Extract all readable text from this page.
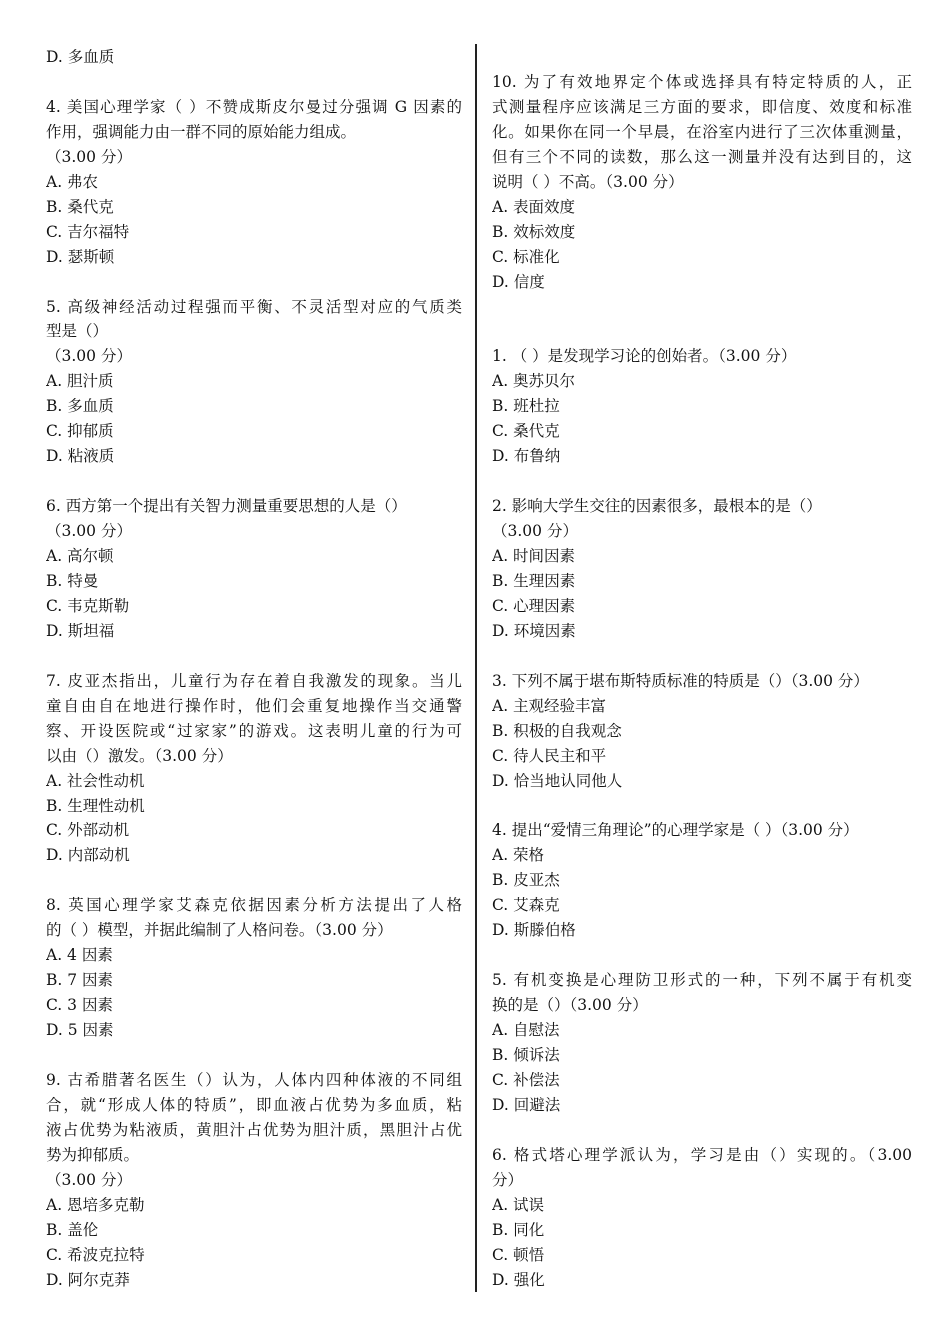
D. 多血质
4. 美国心理学家（ ）不赞成斯皮尔曼过分强调 G 因素的
作用，强调能力由一群不同的原始能力组成。
（3.00 分）
A. 弗农
B. 桑代克
C. 吉尔福特
D. 瑟斯顿
5. 高级神经活动过程强而平衡、不灵活型对应的气质类
型是（）
（3.00 分）
A. 胆汁质
B. 多血质
C. 抑郁质
D. 粘液质
6. 西方第一个提出有关智力测量重要思想的人是（）
（3.00 分）
A. 高尔顿
B. 特曼
C. 韦克斯勒
D. 斯坦福
7. 皮亚杰指出，儿童行为存在着自我激发的现象。当儿
童自由自在地进行操作时，他们会重复地操作当交通警
察、开设医院或“过家家”的游戏。这表明儿童的行为可
以由（）激发。（3.00 分）
A. 社会性动机
B. 生理性动机
C. 外部动机
D. 内部动机
8. 英国心理学家艾森克依据因素分析方法提出了人格
的（ ）模型，并据此编制了人格问卷。（3.00 分）
A. 4 因素
B. 7 因素
C. 3 因素
D. 5 因素
9. 古希腊著名医生（）认为，人体内四种体液的不同组
合，就“形成人体的特质”，即血液占优势为多血质，粘
液占优势为粘液质，黄胆汁占优势为胆汁质，黑胆汁占优
势为抑郁质。
（3.00 分）
A. 恩培多克勒
B. 盖伦
C. 希波克拉特
D. 阿尔克莽
10. 为了有效地界定个体或选择具有特定特质的人，正
式测量程序应该满足三方面的要求，即信度、效度和标准
化。如果你在同一个早晨，在浴室内进行了三次体重测量，
但有三个不同的读数，那么这一测量并没有达到目的，这
说明（ ）不高。（3.00 分）
A. 表面效度
B. 效标效度
C. 标准化
D. 信度
1. （ ）是发现学习论的创始者。（3.00 分）
A. 奥苏贝尔
B. 班杜拉
C. 桑代克
D. 布鲁纳
2. 影响大学生交往的因素很多，最根本的是（）
（3.00 分）
A. 时间因素
B. 生理因素
C. 心理因素
D. 环境因素
3. 下列不属于堪布斯特质标准的特质是（）（3.00 分）
A. 主观经验丰富
B. 积极的自我观念
C. 待人民主和平
D. 恰当地认同他人
4. 提出“爱情三角理论”的心理学家是（ ）（3.00 分）
A. 荣格
B. 皮亚杰
C. 艾森克
D. 斯滕伯格
5. 有机变换是心理防卫形式的一种，下列不属于有机变
换的是（）（3.00 分）
A. 自慰法
B. 倾诉法
C. 补偿法
D. 回避法
6. 格式塔心理学派认为，学习是由（）实现的。（3.00
分）
A. 试误
B. 同化
C. 顿悟
D. 强化
